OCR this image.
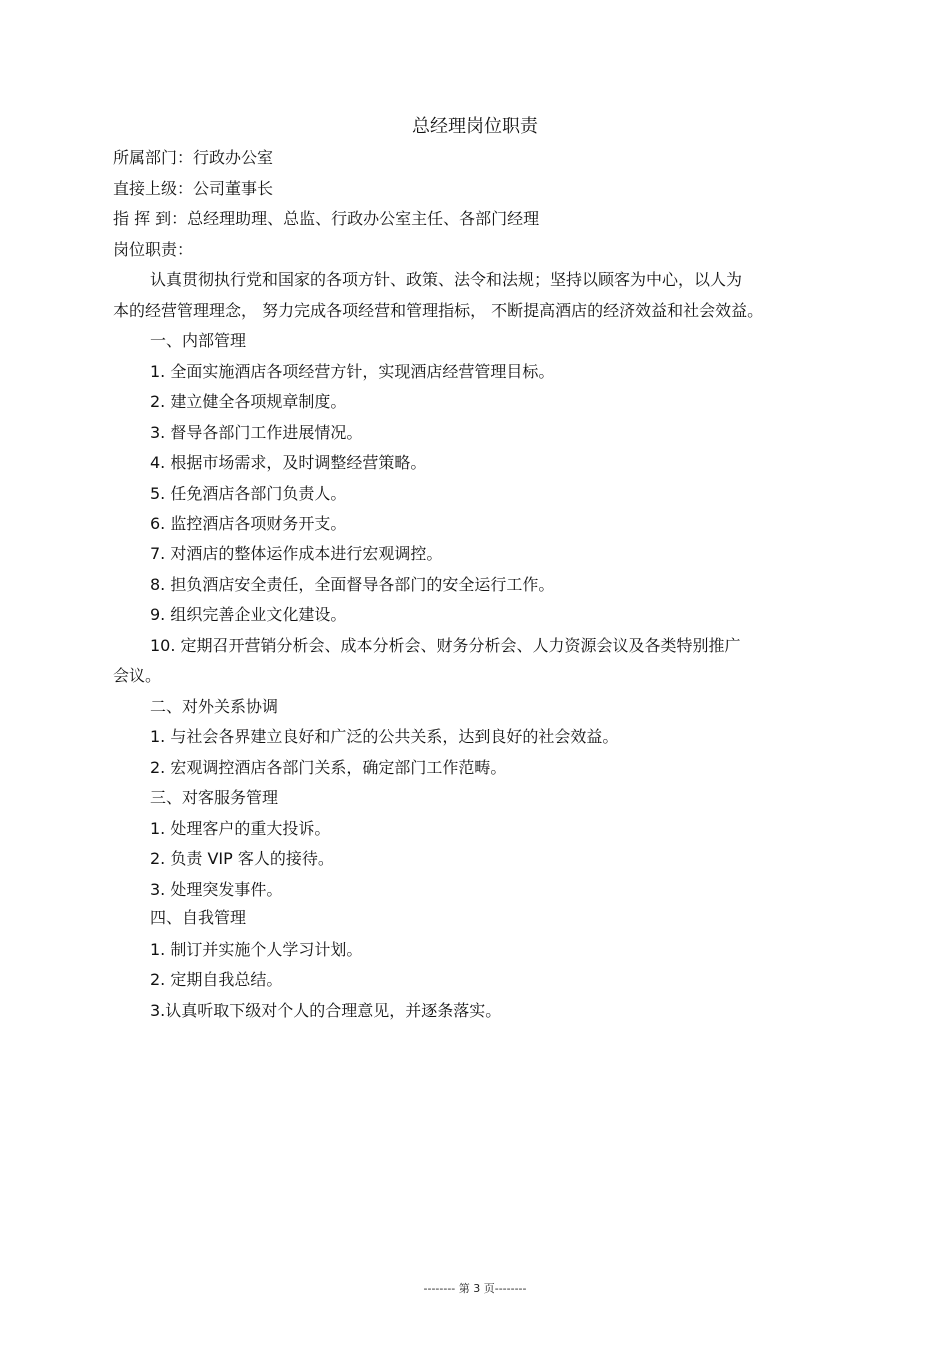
总经理岗位职责
所属部门：行政办公室
直接上级：公司董事长
指 挥 到：总经理助理、总监、行政办公室主任、各部门经理
岗位职责：
认真贯彻执行党和国家的各项方针、政策、法令和法规；坚持以顾客为中心，以人为
本的经营管理理念， 努力完成各项经营和管理指标， 不断提高酒店的经济效益和社会效益。
一、内部管理
1. 全面实施酒店各项经营方针，实现酒店经营管理目标。
2. 建立健全各项规章制度。
3. 督导各部门工作进展情况。
4. 根据市场需求，及时调整经营策略。
5. 任免酒店各部门负责人。
6. 监控酒店各项财务开支。
7. 对酒店的整体运作成本进行宏观调控。
8. 担负酒店安全责任，全面督导各部门的安全运行工作。
9. 组织完善企业文化建设。
10. 定期召开营销分析会、成本分析会、财务分析会、人力资源会议及各类特别推广
会议。
二、对外关系协调
1. 与社会各界建立良好和广泛的公共关系，达到良好的社会效益。
2. 宏观调控酒店各部门关系，确定部门工作范畴。
三、对客服务管理
1. 处理客户的重大投诉。
2. 负责 VIP 客人的接待。
3. 处理突发事件。
四、自我管理
1. 制订并实施个人学习计划。
2. 定期自我总结。
3.认真听取下级对个人的合理意见，并逐条落实。
-------- 第 3 页--------
